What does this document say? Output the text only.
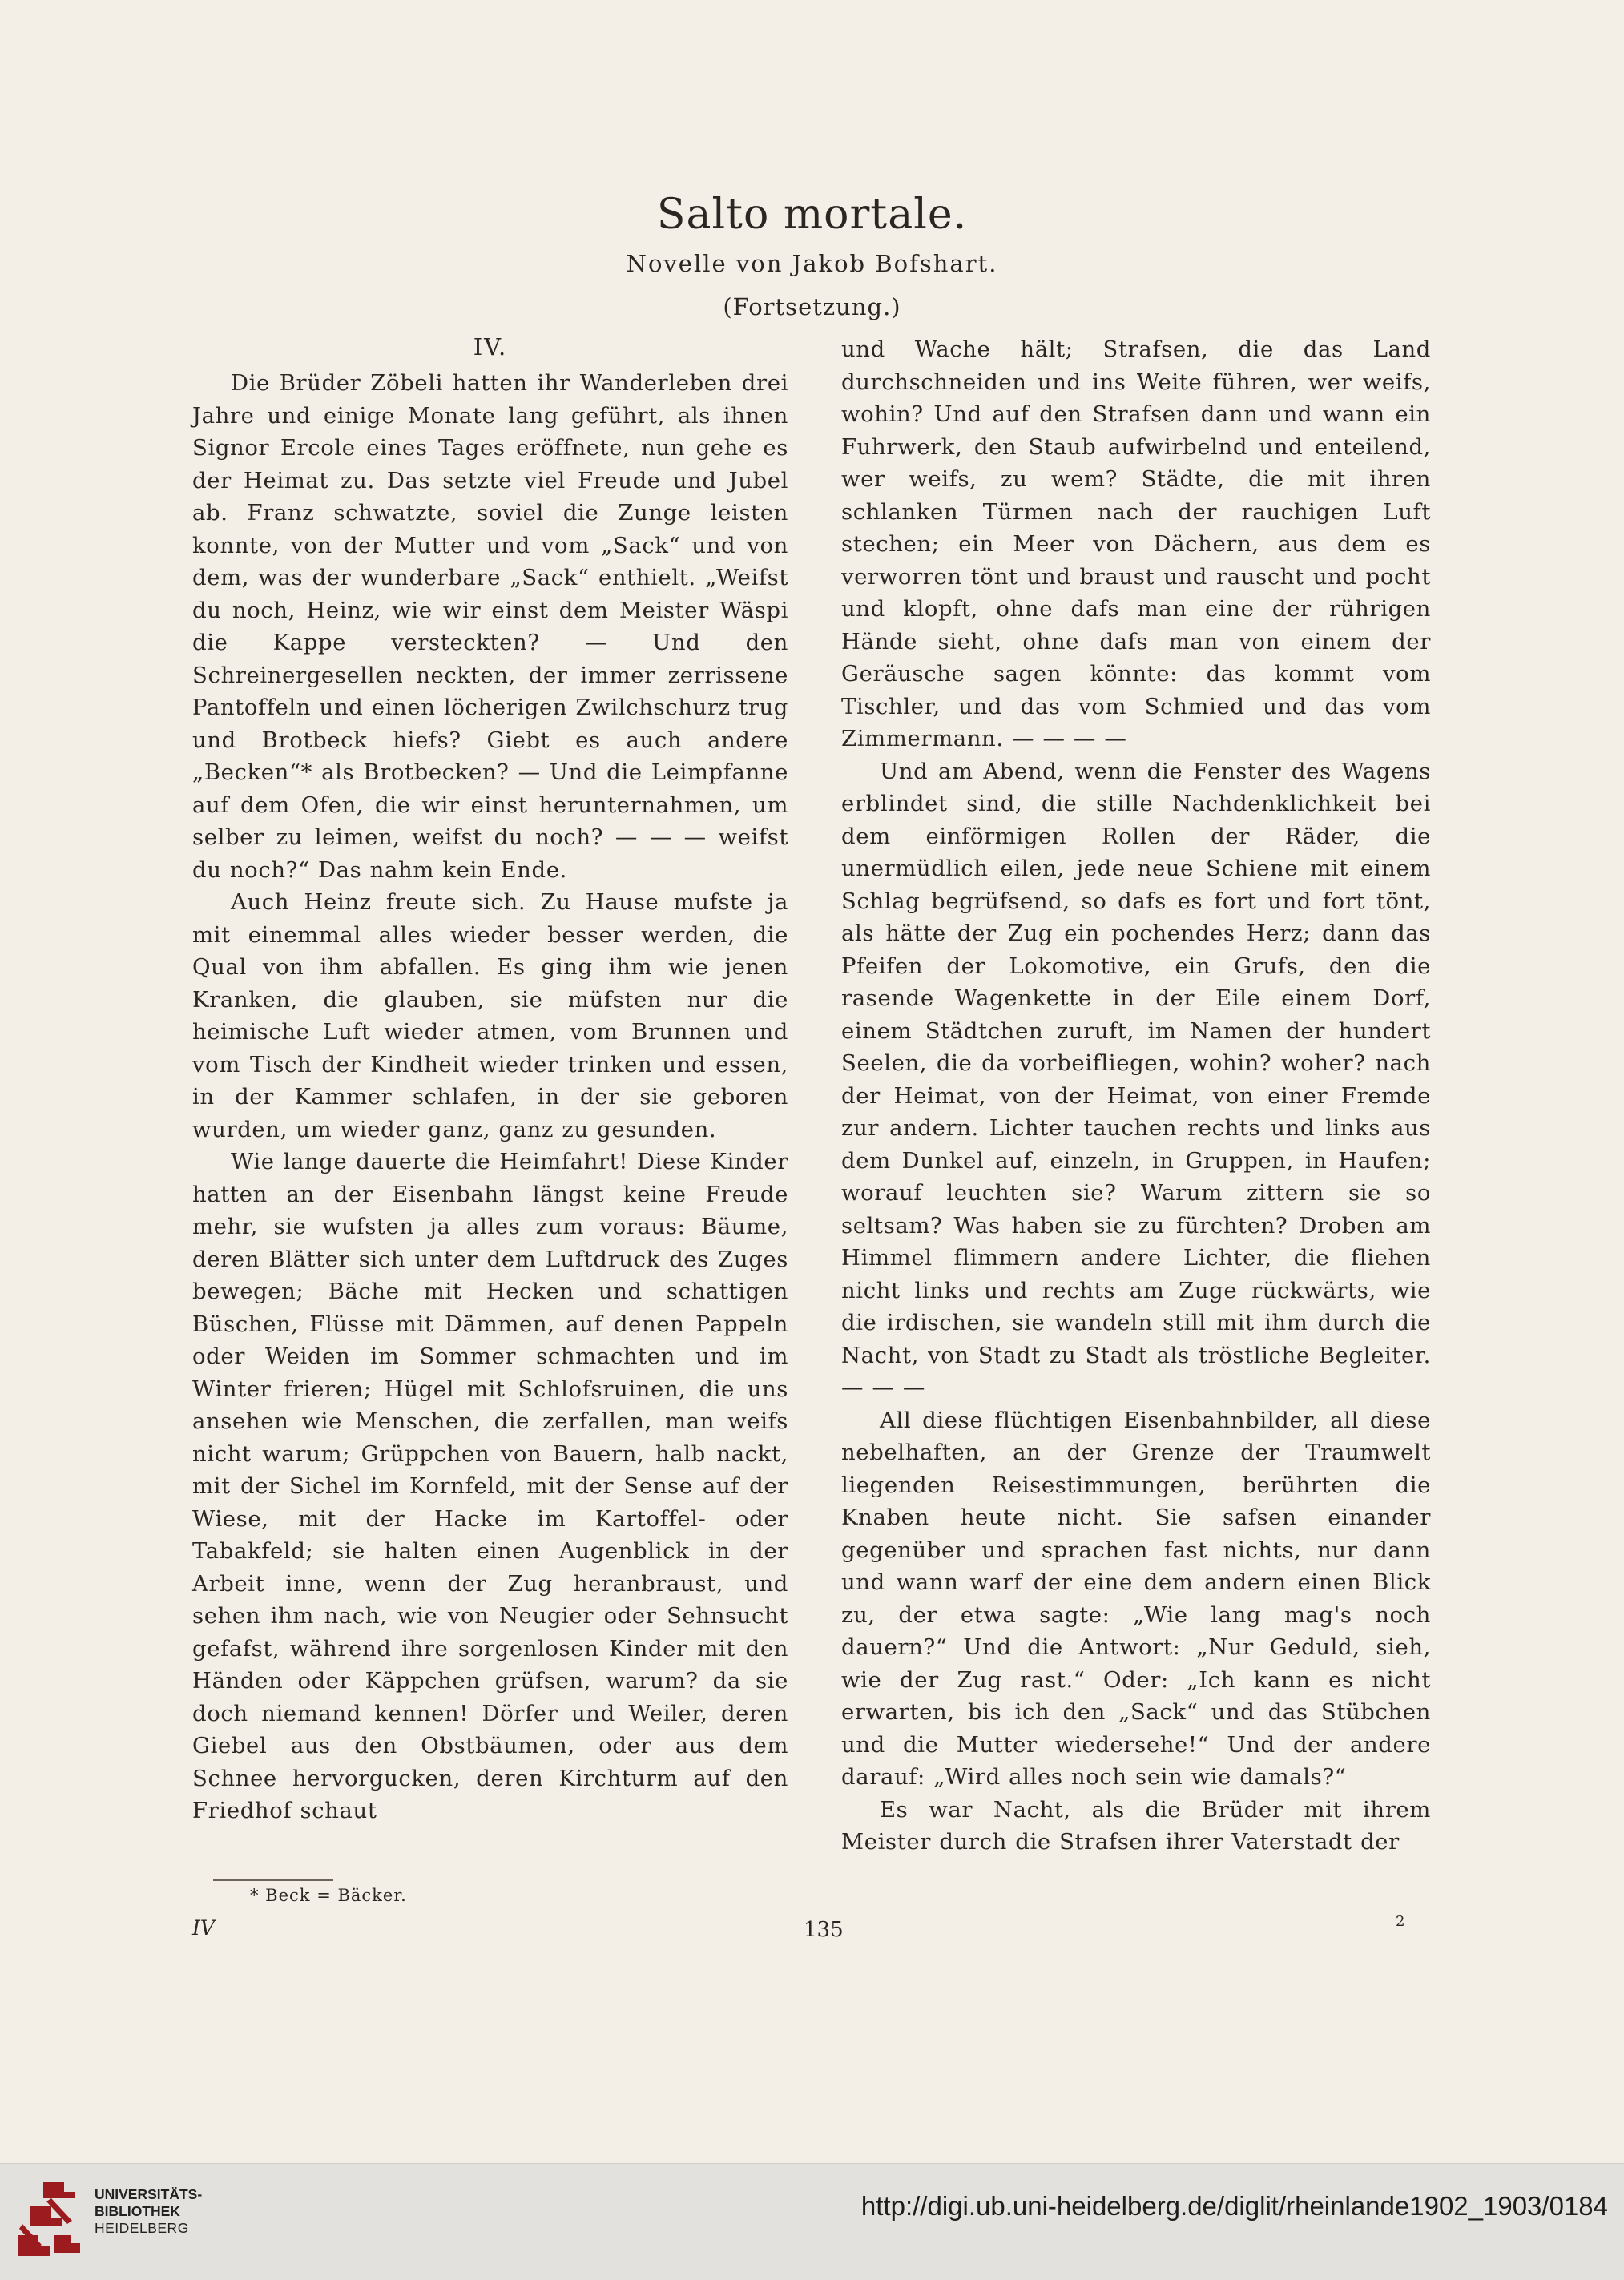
Salto mortale.
Novelle von Jakob Bofshart.
(Fortsetzung.)
IV.

Die Brüder Zöbeli hatten ihr Wanderleben drei Jahre und einige Monate lang geführt, als ihnen Signor Ercole eines Tages eröffnete, nun gehe es der Heimat zu. Das setzte viel Freude und Jubel ab. Franz schwatzte, soviel die Zunge leisten konnte, von der Mutter und vom „Sack“ und von dem, was der wunderbare „Sack“ enthielt. „Weifst du noch, Heinz, wie wir einst dem Meister Wäspi die Kappe versteckten? — Und den Schreinergesellen neckten, der immer zerrissene Pantoffeln und einen löcherigen Zwilchschurz trug und Brotbeck hiefs? Giebt es auch andere „Becken“* als Brotbecken? — Und die Leimpfanne auf dem Ofen, die wir einst herunternahmen, um selber zu leimen, weifst du noch? — — — weifst du noch?“ Das nahm kein Ende.

Auch Heinz freute sich. Zu Hause mufste ja mit einemmal alles wieder besser werden, die Qual von ihm abfallen. Es ging ihm wie jenen Kranken, die glauben, sie müfsten nur die heimische Luft wieder atmen, vom Brunnen und vom Tisch der Kindheit wieder trinken und essen, in der Kammer schlafen, in der sie geboren wurden, um wieder ganz, ganz zu gesunden.

Wie lange dauerte die Heimfahrt! Diese Kinder hatten an der Eisenbahn längst keine Freude mehr, sie wufsten ja alles zum voraus: Bäume, deren Blätter sich unter dem Luftdruck des Zuges bewegen; Bäche mit Hecken und schattigen Büschen, Flüsse mit Dämmen, auf denen Pappeln oder Weiden im Sommer schmachten und im Winter frieren; Hügel mit Schlofsruinen, die uns ansehen wie Menschen, die zerfallen, man weifs nicht warum; Grüppchen von Bauern, halb nackt, mit der Sichel im Kornfeld, mit der Sense auf der Wiese, mit der Hacke im Kartoffel- oder Tabakfeld; sie halten einen Augenblick in der Arbeit inne, wenn der Zug heranbraust, und sehen ihm nach, wie von Neugier oder Sehnsucht gefafst, während ihre sorgenlosen Kinder mit den Händen oder Käppchen grüfsen, warum? da sie doch niemand kennen! Dörfer und Weiler, deren Giebel aus den Obstbäumen, oder aus dem Schnee hervorgucken, deren Kirchturm auf den Friedhof schaut

und Wache hält; Strafsen, die das Land durchschneiden und ins Weite führen, wer weifs, wohin? Und auf den Strafsen dann und wann ein Fuhrwerk, den Staub aufwirbelnd und enteilend, wer weifs, zu wem? Städte, die mit ihren schlanken Türmen nach der rauchigen Luft stechen; ein Meer von Dächern, aus dem es verworren tönt und braust und rauscht und pocht und klopft, ohne dafs man eine der rührigen Hände sieht, ohne dafs man von einem der Geräusche sagen könnte: das kommt vom Tischler, und das vom Schmied und das vom Zimmermann. — — — —

Und am Abend, wenn die Fenster des Wagens erblindet sind, die stille Nachdenklichkeit bei dem einförmigen Rollen der Räder, die unermüdlich eilen, jede neue Schiene mit einem Schlag begrüfsend, so dafs es fort und fort tönt, als hätte der Zug ein pochendes Herz; dann das Pfeifen der Lokomotive, ein Grufs, den die rasende Wagenkette in der Eile einem Dorf, einem Städtchen zuruft, im Namen der hundert Seelen, die da vorbeifliegen, wohin? woher? nach der Heimat, von der Heimat, von einer Fremde zur andern. Lichter tauchen rechts und links aus dem Dunkel auf, einzeln, in Gruppen, in Haufen; worauf leuchten sie? Warum zittern sie so seltsam? Was haben sie zu fürchten? Droben am Himmel flimmern andere Lichter, die fliehen nicht links und rechts am Zuge rückwärts, wie die irdischen, sie wandeln still mit ihm durch die Nacht, von Stadt zu Stadt als tröstliche Begleiter. — — —

All diese flüchtigen Eisenbahnbilder, all diese nebelhaften, an der Grenze der Traumwelt liegenden Reisestimmungen, berührten die Knaben heute nicht. Sie safsen einander gegenüber und sprachen fast nichts, nur dann und wann warf der eine dem andern einen Blick zu, der etwa sagte: „Wie lang mag's noch dauern?“ Und die Antwort: „Nur Geduld, sieh, wie der Zug rast.“ Oder: „Ich kann es nicht erwarten, bis ich den „Sack“ und das Stübchen und die Mutter wiedersehe!“ Und der andere darauf: „Wird alles noch sein wie damals?“

Es war Nacht, als die Brüder mit ihrem Meister durch die Strafsen ihrer Vaterstadt der

* Beck = Bäcker.
IV	135	2
UNIVERSITÄTS-
BIBLIOTHEK
HEIDELBERG
http://digi.ub.uni-heidelberg.de/diglit/rheinlande1902_1903/0184
